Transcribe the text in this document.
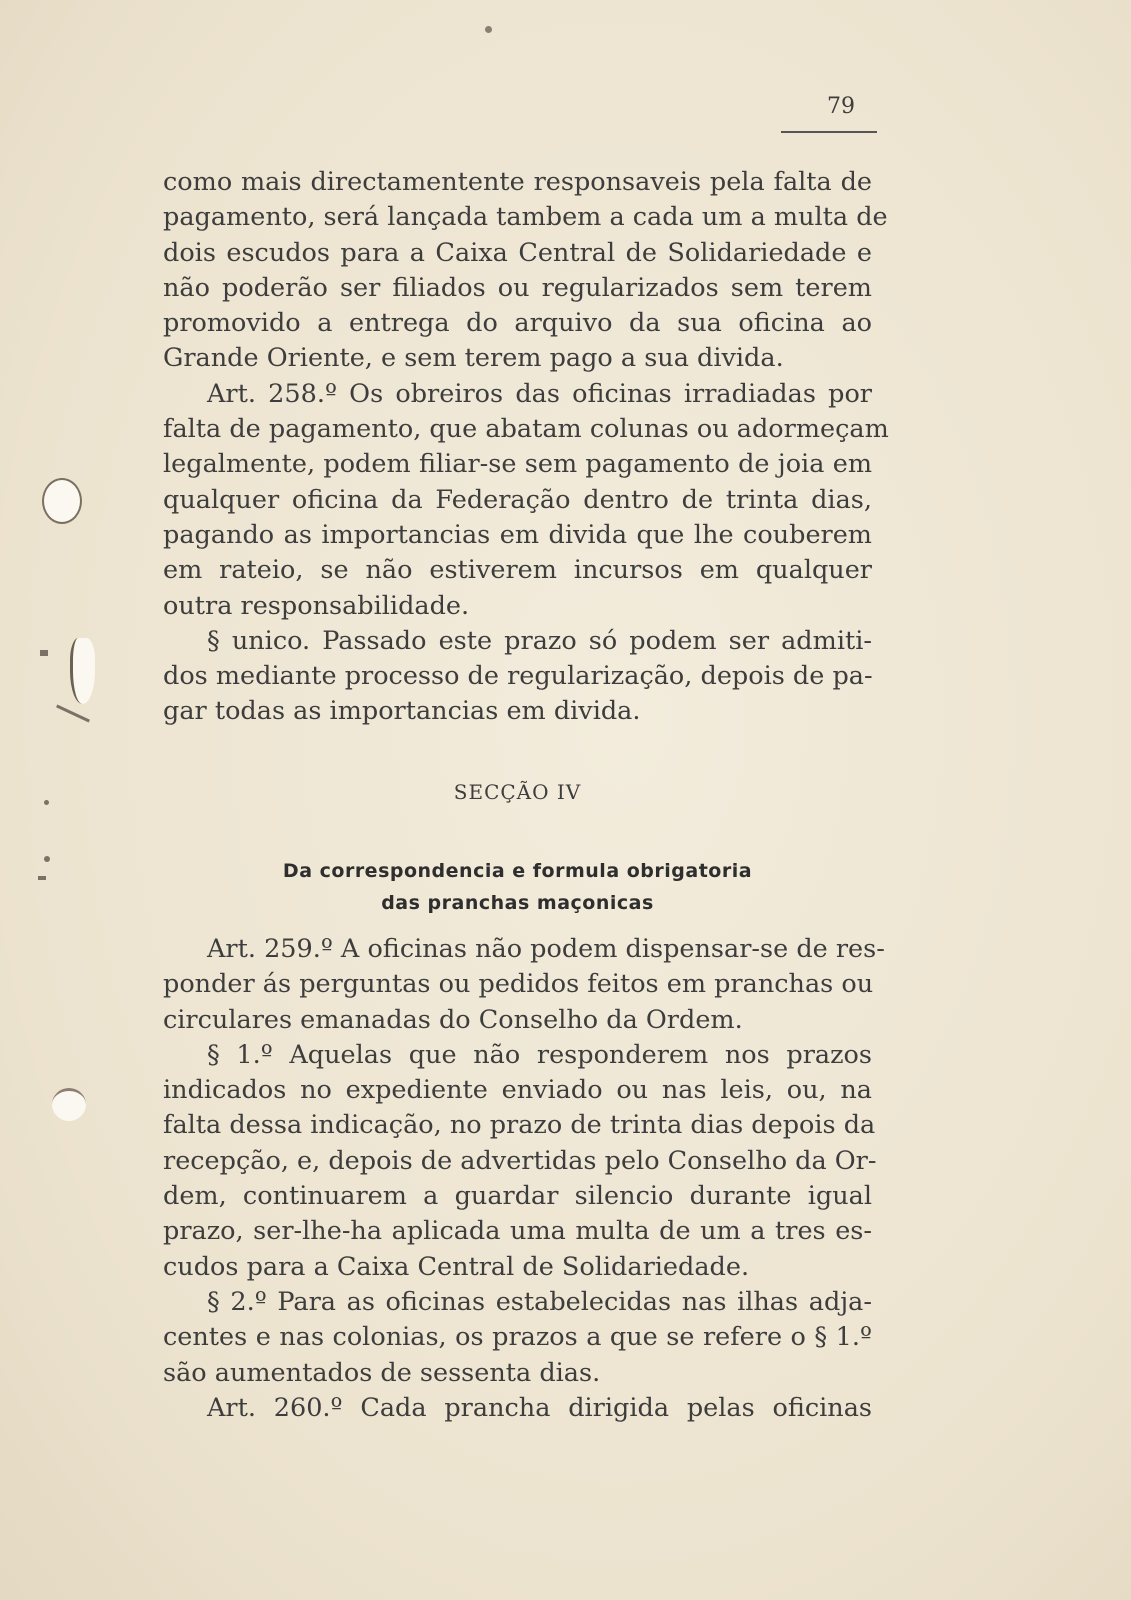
79
como mais directamentente responsaveis pela falta de
pagamento, será lançada tambem a cada um a multa de
dois escudos para a Caixa Central de Solidariedade e
não poderão ser filiados ou regularizados sem terem
promovido a entrega do arquivo da sua oficina ao
Grande Oriente, e sem terem pago a sua divida.
Art. 258.º Os obreiros das oficinas irradiadas por
falta de pagamento, que abatam colunas ou adormeçam
legalmente, podem filiar-se sem pagamento de joia em
qualquer oficina da Federação dentro de trinta dias,
pagando as importancias em divida que lhe couberem
em rateio, se não estiverem incursos em qualquer
outra responsabilidade.
§ unico. Passado este prazo só podem ser admiti-
dos mediante processo de regularização, depois de pa-
gar todas as importancias em divida.
SECÇÃO IV
Da correspondencia e formula obrigatoria
das pranchas maçonicas
Art. 259.º A oficinas não podem dispensar-se de res-
ponder ás perguntas ou pedidos feitos em pranchas ou
circulares emanadas do Conselho da Ordem.
§ 1.º Aquelas que não responderem nos prazos
indicados no expediente enviado ou nas leis, ou, na
falta dessa indicação, no prazo de trinta dias depois da
recepção, e, depois de advertidas pelo Conselho da Or-
dem, continuarem a guardar silencio durante igual
prazo, ser-lhe-ha aplicada uma multa de um a tres es-
cudos para a Caixa Central de Solidariedade.
§ 2.º Para as oficinas estabelecidas nas ilhas adja-
centes e nas colonias, os prazos a que se refere o § 1.º
são aumentados de sessenta dias.
Art. 260.º Cada prancha dirigida pelas oficinas
